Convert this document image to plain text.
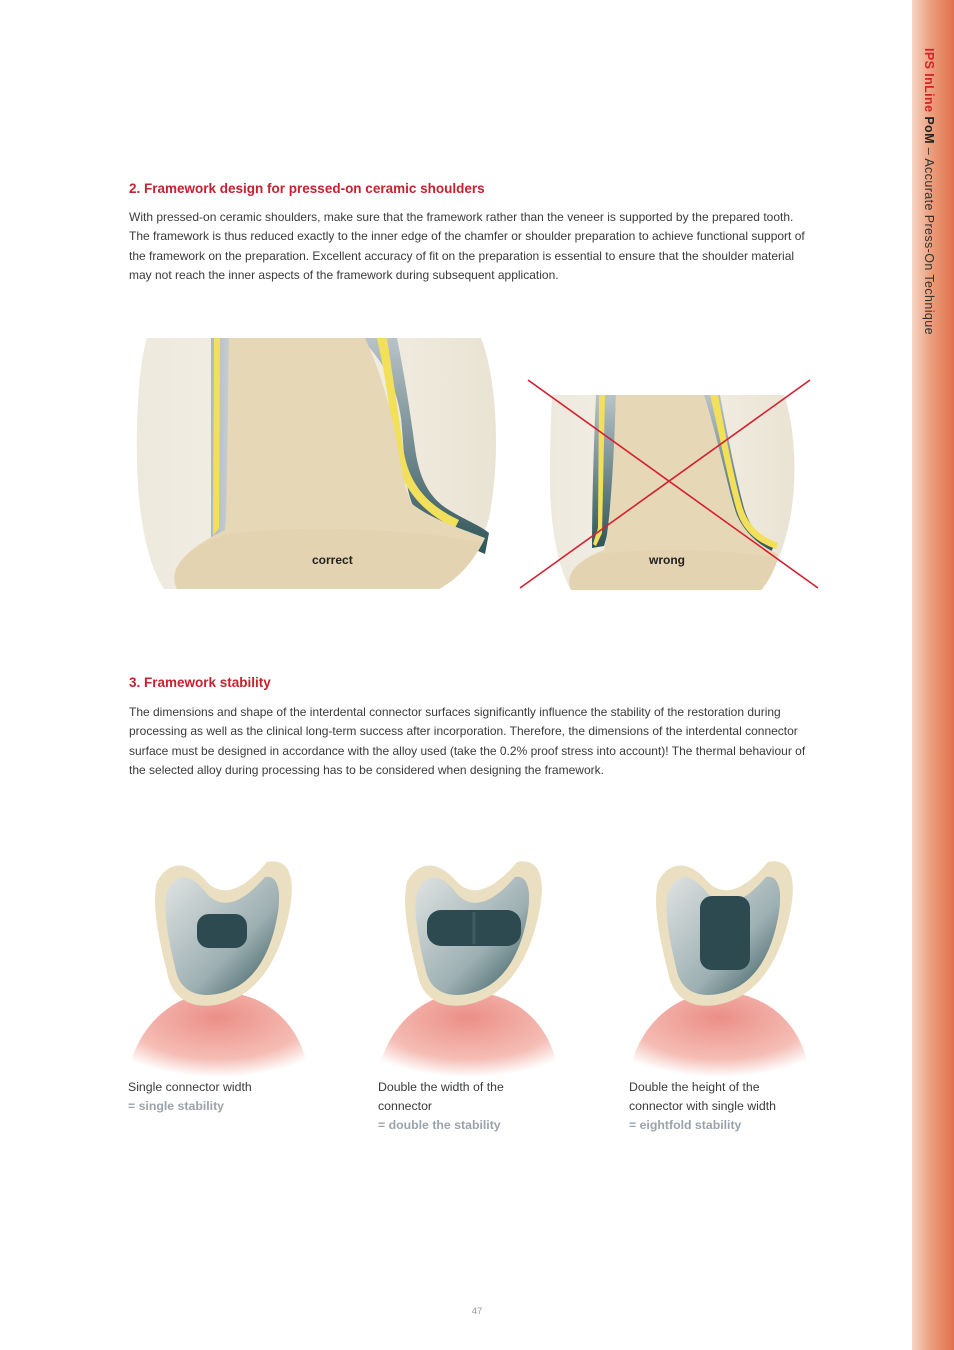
IPS InLine PoM – Accurate Press-On Technique
2. Framework design for pressed-on ceramic shoulders

With pressed-on ceramic shoulders, make sure that the framework rather than the veneer is supported by the prepared tooth. The framework is thus reduced exactly to the inner edge of the chamfer or shoulder preparation to achieve functional support of the framework on the preparation. Excellent accuracy of fit on the preparation is essential to ensure that the shoulder material may not reach the inner aspects of the framework during subsequent application.

correct	wrong
3. Framework stability

The dimensions and shape of the interdental connector surfaces significantly influence the stability of the restoration during processing as well as the clinical long-term success after incorporation. Therefore, the dimensions of the interdental connector surface must be designed in accordance with the alloy used (take the 0.2% proof stress into account)! The thermal behaviour of the selected alloy during processing has to be considered when designing the framework.

Single connector width
= single stability
Double the width of the connector
= double the stability
Double the height of the connector with single width
= eightfold stability
47
